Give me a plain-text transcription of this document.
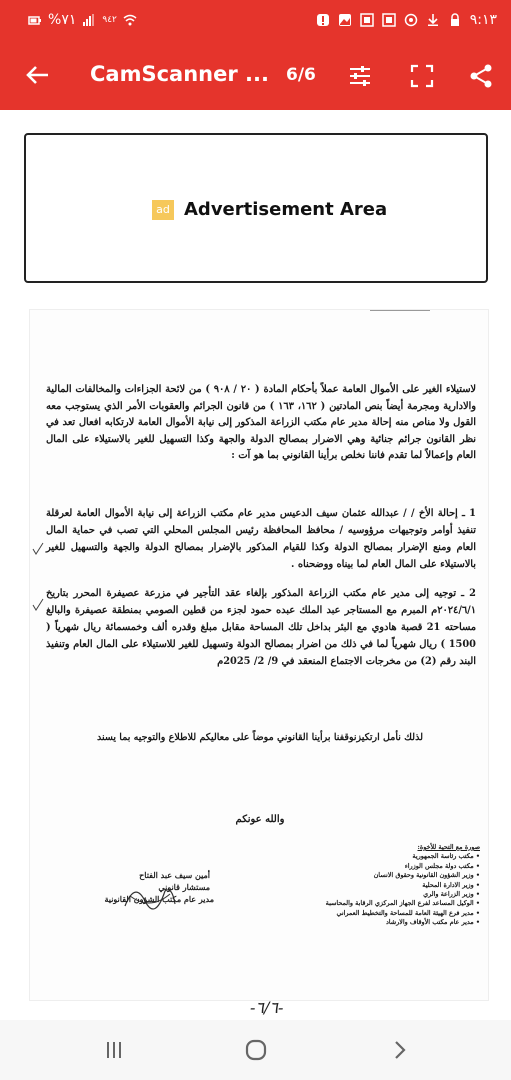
%٧١	٩٤٢	٩:١٣
CamScanner ... 6/6
ad Advertisement Area
لاستيلاء الغير على الأموال العامة عملاً بأحكام المادة ( ٢٠ / ٩٠٨ ) من لائحة الجزاءات والمخالفات المالية والادارية ومجرمة أيضاً بنص المادتين ( ١٦٢، ١٦٣ ) من قانون الجرائم والعقوبات الأمر الذي يستوجب معه القول ولا مناص منه إحالة مدير عام مكتب الزراعة المذكور إلى نيابة الأموال العامة لارتكابه افعال تعد في نظر القانون جرائم جنائية وهي الاضرار بمصالح الدولة والجهة وكذا التسهيل للغير بالاستيلاء على المال العام وإعمالاً لما تقدم فاننا نخلص برأينا القانوني بما هو آت :
1 ـ إحالة الأخ / / عبدالله عثمان سيف الدعيس مدير عام مكتب الزراعة إلى نيابة الأموال العامة لعرقلة تنفيذ أوامر وتوجيهات مرؤوسيه / محافظ المحافظة رئيس المجلس المحلي التي تصب في حماية المال العام ومنع الإضرار بمصالح الدولة وكذا للقيام المذكور بالإضرار بمصالح الدولة والجهة والتسهيل للغير بالاستيلاء على المال العام لما بيناه ووضحناه .
2 ـ توجيه إلى مدير عام مكتب الزراعة المذكور بإلغاء عقد التأجير في مزرعة عصيفرة المحرر بتاريخ ٢٠٢٤/٦/١م المبرم مع المستاجر عبد الملك عبده حمود لجزء من قطين الصومي بمنطقة عصيفرة والبالغ مساحته 21 قصبة هادوي مع البئر بداخل تلك المساحة مقابل مبلغ وقدره ألف وخمسمائة ريال شهرياً ( 1500 ) ريال شهرياً لما في ذلك من اضرار بمصالح الدولة وتسهيل للغير للاستيلاء على المال العام وتنفيذ البند رقم (2) من مخرجات الاجتماع المنعقد في 9/ 2/ 2025م
لذلك نأمل ارتكيزنوقفنا برأينا القانوني موضاً على معاليكم للاطلاع والتوجيه بما يسند
والله عونكم
أمين سيف عبد الفتاح
مستشار قانوني
مدير عام مكتب الشؤون القانونية
صورة مع التحية للأخوة:
• مكتب رئاسة الجمهورية
• مكتب دولة مجلس الوزراء
• وزير الشؤون القانونية وحقوق الانسان
• وزير الادارة المحلية
• وزير الزراعة والري
• الوكيل المساعد لفرع الجهاز المركزي الرقابة والمحاسبة
• مدير فرع الهيئة العامة للمساحة والتخطيط العمراني
• مدير عام مكتب الأوقاف والارشاد
-٦/٦-
